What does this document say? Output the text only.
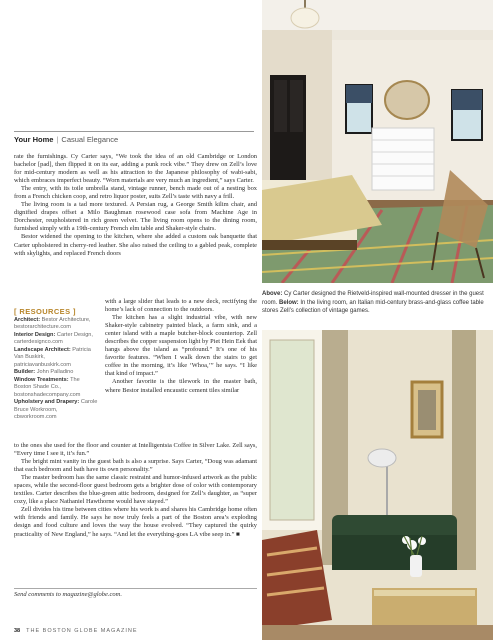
Your Home | Casual Elegance

rate the furnishings. Cy Carter says, “We took the idea of an old Cambridge or London bachelor [pad], then flipped it on its ear, adding a punk rock vibe.” They drew on Zell’s love for mid-century modern as well as his attraction to the Japanese philosophy of wabi-sabi, which embraces imperfect beauty. “Worn materials are very much an ingredient,” says Carter.

The entry, with its toile umbrella stand, vintage runner, bench made out of a nesting box from a French chicken coop, and retro liquor poster, suits Zell’s taste with navy a frill.

The living room is a tad more textured. A Persian rug, a George Smith kilim chair, and dignified drapes offset a Milo Baughman rosewood case sofa from Machine Age in Dorchester, reupholstered in rich green velvet. The living room opens to the dining room, furnished simply with a 19th-century French elm table and Shaker-style chairs.

Bestor widened the opening to the kitchen, where she added a custom oak banquette that Carter upholstered in cherry-red leather. She also raised the ceiling to a gabled peak, complete with skylights, and replaced French doors

[ RESOURCES ]
Architect: Bestor Architecture, bestorarchitecture.com
Interior Design: Carter Design, carterdesignco.com
Landscape Architect: Patricia Van Buskirk, patriciavanbuskirk.com
Builder: John Palladino
Window Treatments: The Boston Shade Co., bostonshadecompany.com
Upholstery and Drapery: Carole Bruce Workroom, cbworkroom.com

with a large slider that leads to a new deck, rectifying the home’s lack of connection to the outdoors.

The kitchen has a slight industrial vibe, with new Shaker-style cabinetry painted black, a farm sink, and a center island with a maple butcher-block countertop. Zell describes the copper suspension light by Piet Hein Eek that hangs above the island as “profound.” It’s one of his favorite features. “When I walk down the stairs to get coffee in the morning, it’s like ‘Whoa,’” he says. “I like that kind of impact.”

Another favorite is the tilework in the master bath, where Bestor installed encaustic cement tiles similar

to the ones she used for the floor and counter at Intelligentsia Coffee in Silver Lake. Zell says, “Every time I see it, it’s fun.”

The bright mint vanity in the guest bath is also a surprise. Says Carter, “Doug was adamant that each bedroom and bath have its own personality.”

The master bedroom has the same classic restraint and humor-infused artwork as the public spaces, while the second-floor guest bedroom gets a brighter dose of color with contemporary textiles. Carter describes the blue-green attic bedroom, designed for Zell’s daughter, as “super cozy, like a place Nathaniel Hawthorne would have stayed.”

Zell divides his time between cities where his work is and shares his Cambridge home often with friends and family. He says he now truly feels a part of the Boston area’s exploding design and food culture and loves the way the house evolved. “They captured the quirky practicality of New England,” he says. “And let the everything-goes LA vibe seep in.” ■

Send comments to magazine@globe.com.
Above: Cy Carter designed the Rietveld-inspired wall-mounted dresser in the guest room. Below: In the living room, an Italian mid-century brass-and-glass coffee table stores Zell’s collection of vintage games.
38 THE BOSTON GLOBE MAGAZINE
